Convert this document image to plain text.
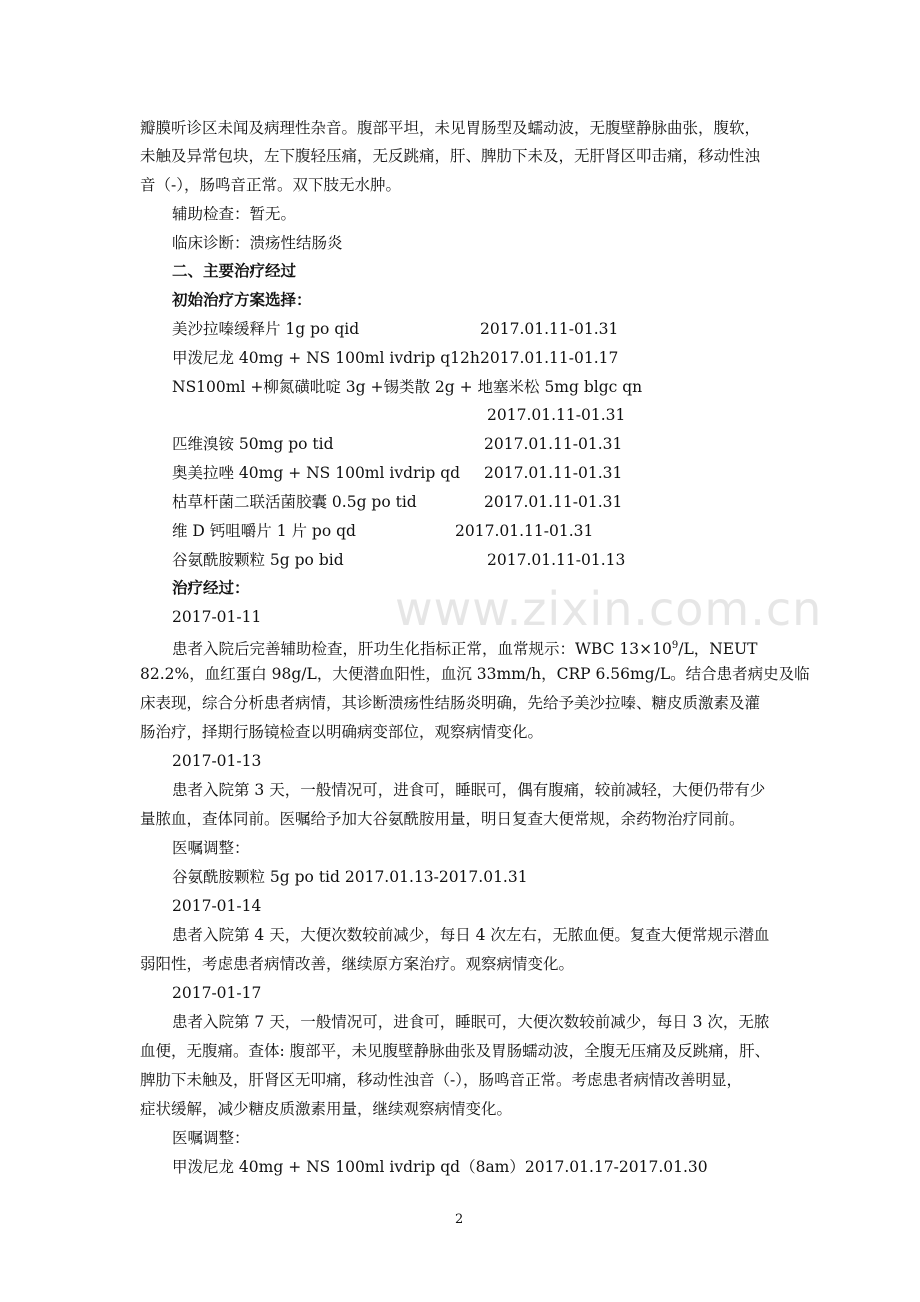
www.zixin.com.cn
瓣膜听诊区未闻及病理性杂音。腹部平坦，未见胃肠型及蠕动波，无腹壁静脉曲张，腹软，
未触及异常包块，左下腹轻压痛，无反跳痛，肝、脾肋下未及，无肝肾区叩击痛，移动性浊
音（-），肠鸣音正常。双下肢无水肿。
辅助检查：暂无。
临床诊断：溃疡性结肠炎
二、主要治疗经过
初始治疗方案选择：
美沙拉嗪缓释片 1g po qid	2017.01.11-01.31
甲泼尼龙 40mg + NS 100ml ivdrip q12h 2017.01.11-01.17
NS100ml +柳氮磺吡啶 3g +锡类散 2g + 地塞米松 5mg blgc qn
2017.01.11-01.31
匹维溴铵 50mg po tid	2017.01.11-01.31
奥美拉唑 40mg + NS 100ml ivdrip qd 2017.01.11-01.31
枯草杆菌二联活菌胶囊 0.5g po tid	2017.01.11-01.31
维 D 钙咀嚼片 1 片 po qd	2017.01.11-01.31
谷氨酰胺颗粒 5g po bid	2017.01.11-01.13
治疗经过：
2017-01-11
患者入院后完善辅助检查，肝功生化指标正常，血常规示：WBC $13\times 10^9/L$，NEUT
82.2%，血红蛋白 98g/L，大便潜血阳性，血沉 33mm/h，CRP 6.56mg/L。结合患者病史及临
床表现，综合分析患者病情，其诊断溃疡性结肠炎明确，先给予美沙拉嗪、糖皮质激素及灌
肠治疗，择期行肠镜检查以明确病变部位，观察病情变化。
2017-01-13
患者入院第 3 天，一般情况可，进食可，睡眠可，偶有腹痛，较前减轻，大便仍带有少
量脓血，查体同前。医嘱给予加大谷氨酰胺用量，明日复查大便常规，余药物治疗同前。
医嘱调整：
谷氨酰胺颗粒 5g po tid 2017.01.13-2017.01.31
2017-01-14
患者入院第 4 天，大便次数较前减少，每日 4 次左右，无脓血便。复查大便常规示潜血
弱阳性，考虑患者病情改善，继续原方案治疗。观察病情变化。
2017-01-17
患者入院第 7 天，一般情况可，进食可，睡眠可，大便次数较前减少，每日 3 次，无脓
血便，无腹痛。查体: 腹部平，未见腹壁静脉曲张及胃肠蠕动波，全腹无压痛及反跳痛，肝、
脾肋下未触及，肝肾区无叩痛，移动性浊音（-），肠鸣音正常。考虑患者病情改善明显，
症状缓解，减少糖皮质激素用量，继续观察病情变化。
医嘱调整：
甲泼尼龙 40mg + NS 100ml ivdrip qd（8am）2017.01.17-2017.01.30
2
